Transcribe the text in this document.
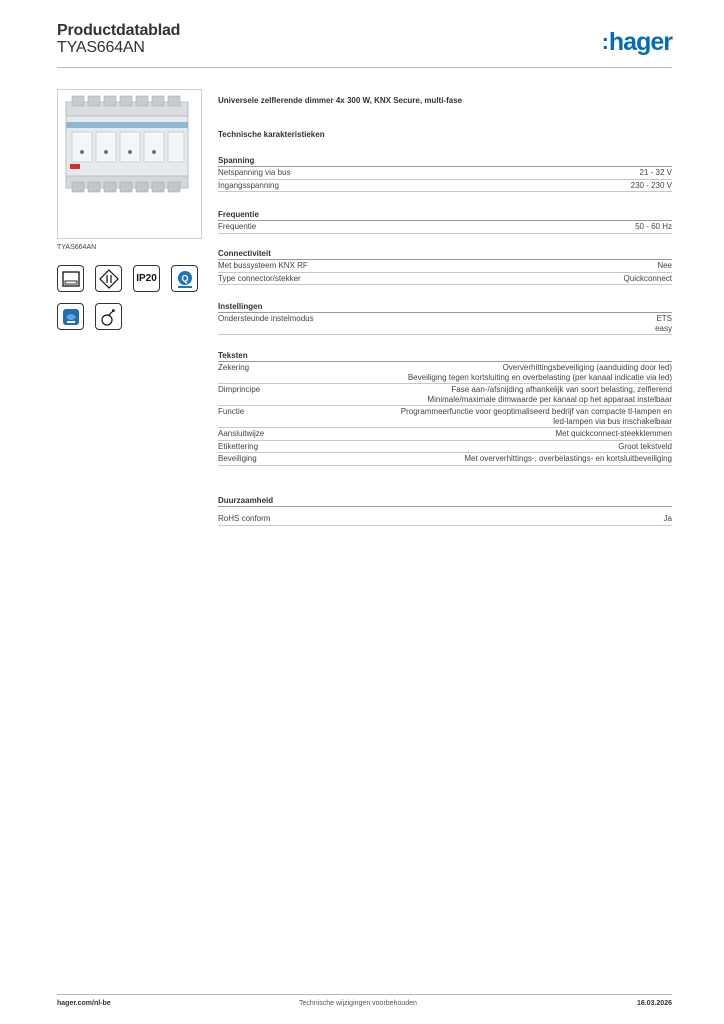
Productdatablad
TYAS664AN	:hager
TYAS664AN
IP20	Q
Universele zelflerende dimmer 4x 300 W, KNX Secure, multi-fase
Technische karakteristieken
Spanning
Netspanning via bus	21 - 32 V
Ingangsspanning	230 - 230 V
Frequentie
Frequentie	50 - 60 Hz
Connectiviteit
Met bussysteem KNX RF	Nee
Type connector/stekker	Quickconnect
Instellingen
Ondersteunde instelmodus	ETS
easy
Teksten
Zekering	Oververhittingsbeveiliging (aanduiding door led)
Beveiliging tegen kortsluiting en overbelasting (per kanaal indicatie via led)
Dimprincipe	Fase aan-/afsnijding afhankelijk van soort belasting, zelflerend
Minimale/maximale dimwaarde per kanaal op het apparaat instelbaar
Functie	Programmeerfunctie voor geoptimaliseerd bedrijf van compacte tl-lampen en
led-lampen via bus inschakelbaar
Aansluitwijze	Met quickconnect-steekklemmen
Etikettering	Groot tekstveld
Beveiliging	Met oververhittings-, overbelastings- en kortsluitbeveiliging
Duurzaamheid
RoHS conform	Ja
hager.com/nl-be	Technische wijzigingen voorbehouden	16.03.2026
